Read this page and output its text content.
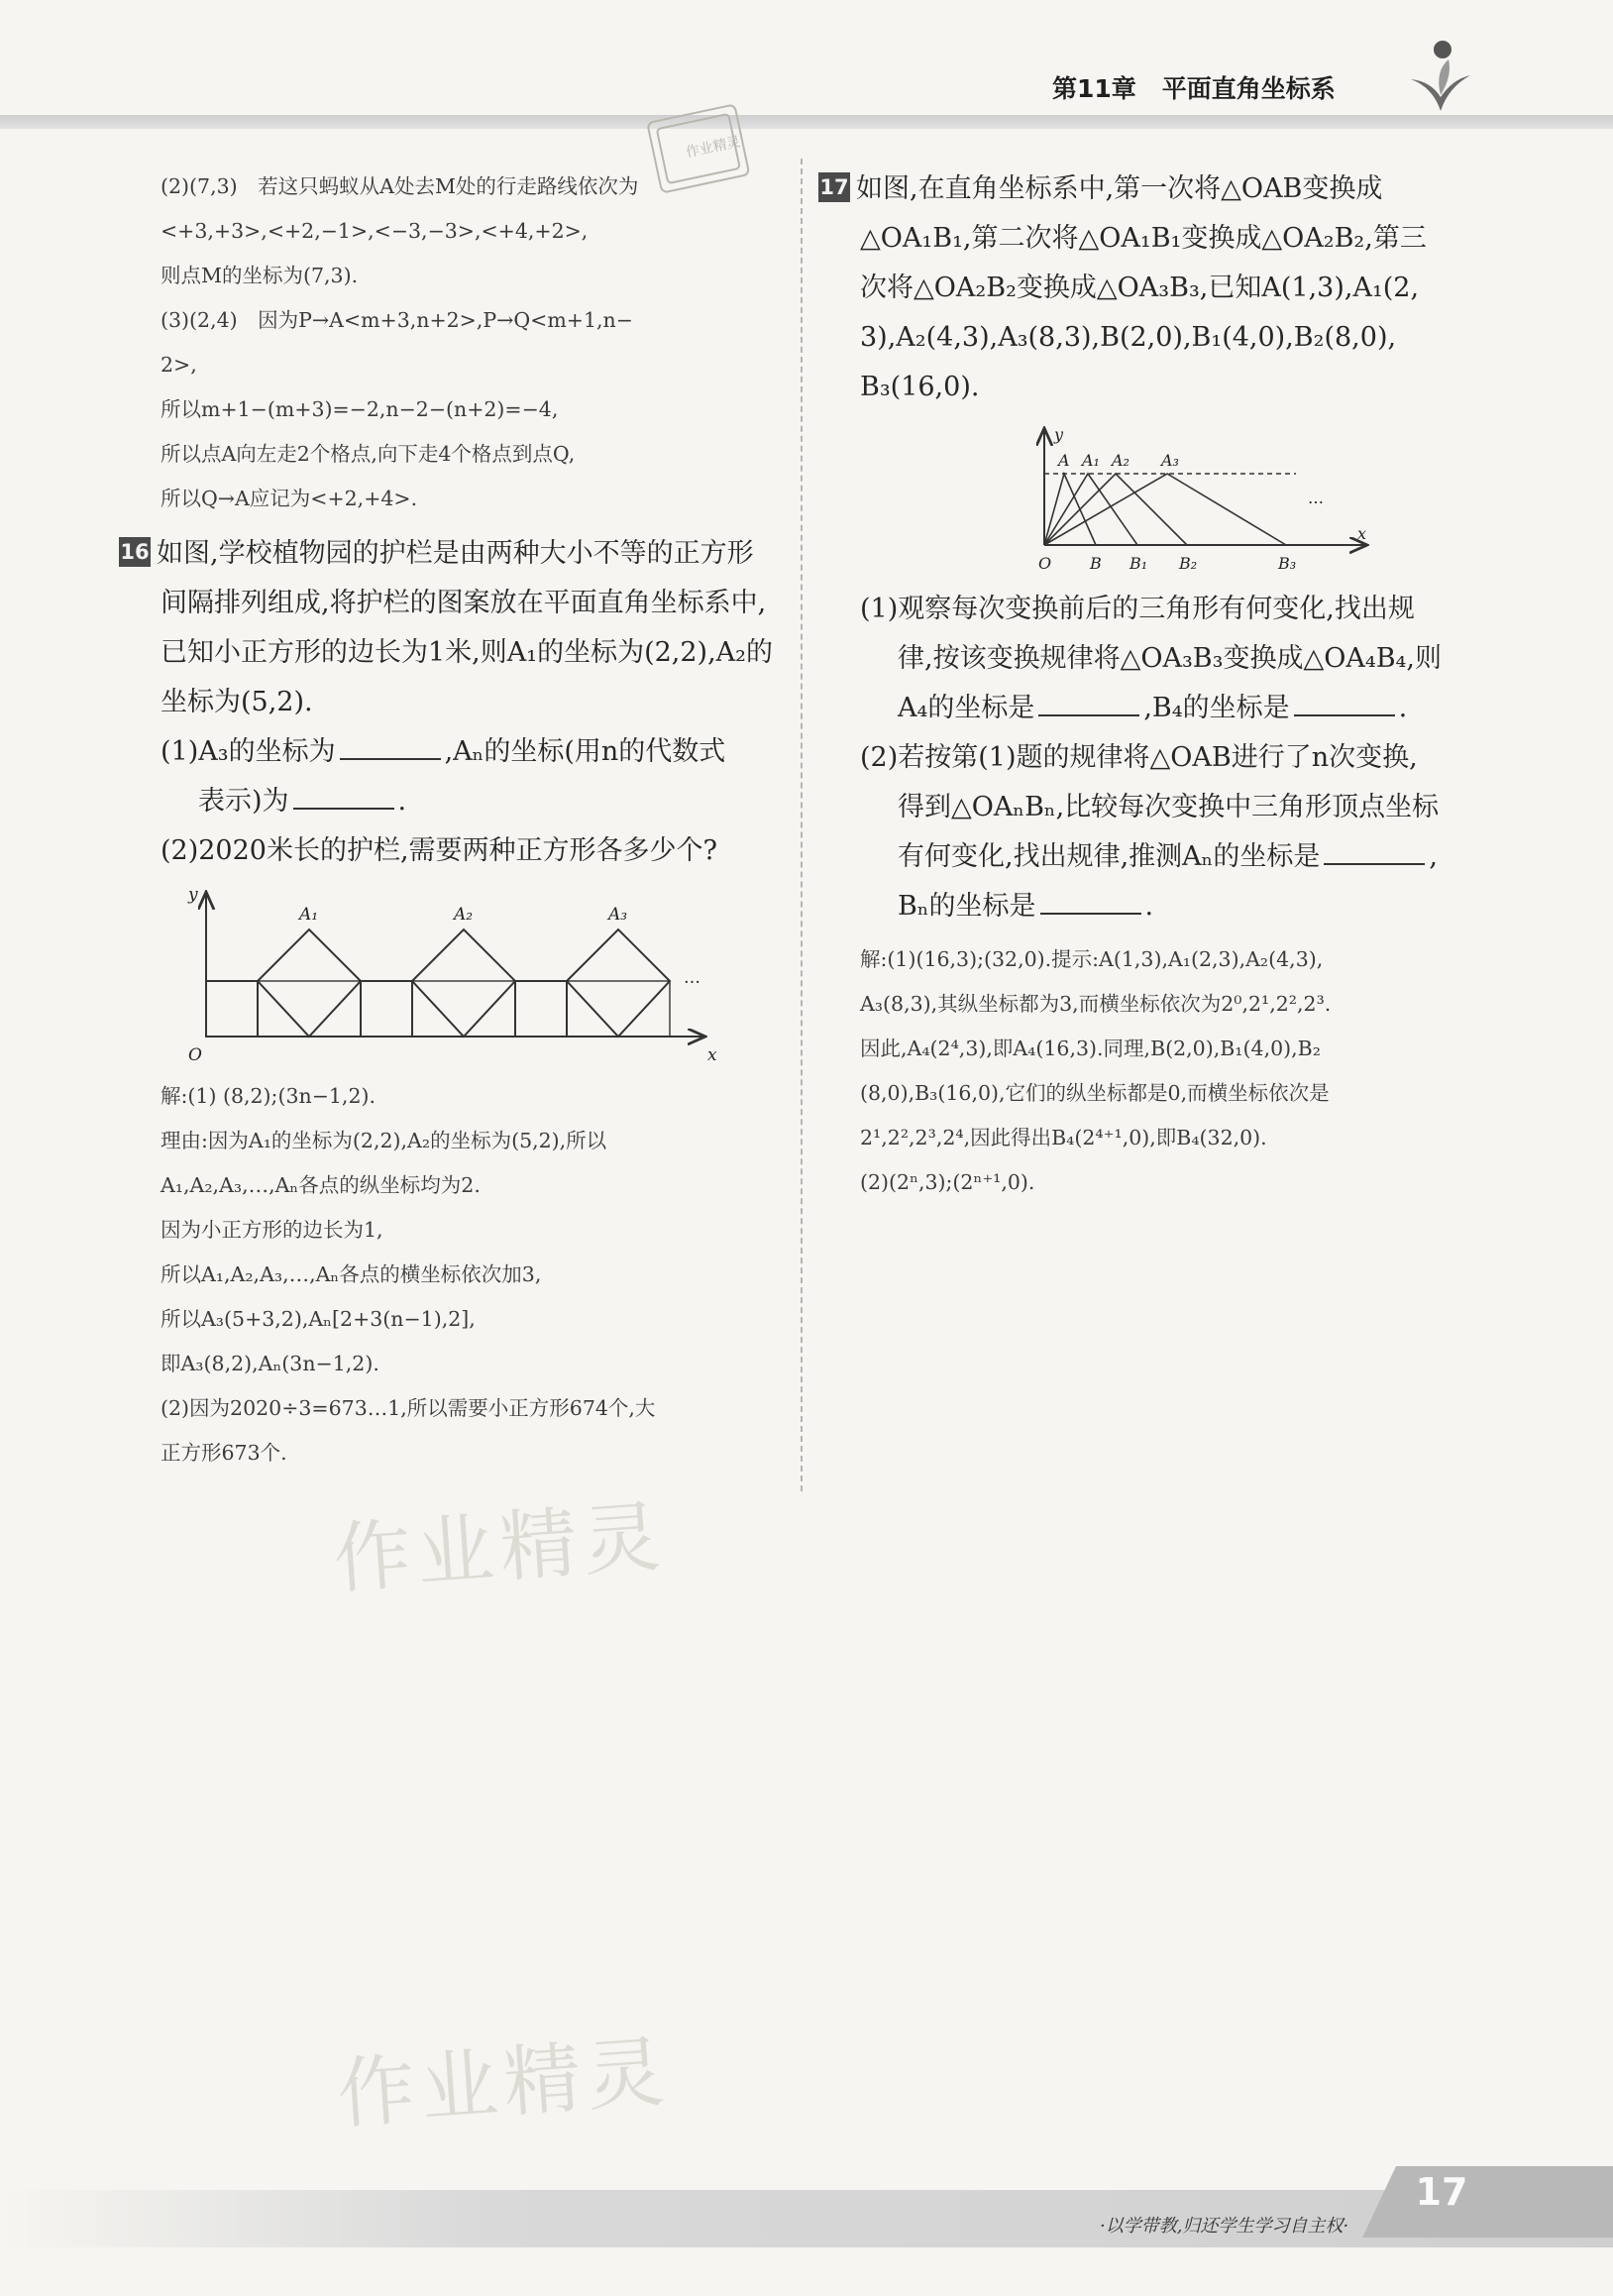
第11章 平面直角坐标系
作业精灵

(2)(7,3)　若这只蚂蚁从A处去M处的行走路线依次为

<+3,+3>,<+2,−1>,<−3,−3>,<+4,+2>,

则点M的坐标为(7,3).

(3)(2,4)　因为P→A<m+3,n+2>,P→Q<m+1,n−

2>,

所以m+1−(m+3)=−2,n−2−(n+2)=−4,

所以点A向左走2个格点,向下走4个格点到点Q,

所以Q→A应记为<+2,+4>.

16 如图,学校植物园的护栏是由两种大小不等的正方形间隔排列组成,将护栏的图案放在平面直角坐标系中,已知小正方形的边长为1米,则A₁的坐标为(2,2),A₂的坐标为(5,2).

(1)A₃的坐标为	,Aₙ的坐标(用n的代数式
表示)为	.

(2)2020米长的护栏,需要两种正方形各多少个?

y
x
O
A₁	A₂	A₃
…

解:(1) (8,2);(3n−1,2).

理由:因为A₁的坐标为(2,2),A₂的坐标为(5,2),所以

A₁,A₂,A₃,…,Aₙ各点的纵坐标均为2.

因为小正方形的边长为1,

所以A₁,A₂,A₃,…,Aₙ各点的横坐标依次加3,

所以A₃(5+3,2),Aₙ[2+3(n−1),2],

即A₃(8,2),Aₙ(3n−1,2).

(2)因为2020÷3=673…1,所以需要小正方形674个,大

正方形673个.

17 如图,在直角坐标系中,第一次将△OAB变换成

△OA₁B₁,第二次将△OA₁B₁变换成△OA₂B₂,第三

次将△OA₂B₂变换成△OA₃B₃,已知A(1,3),A₁(2,

3),A₂(4,3),A₃(8,3),B(2,0),B₁(4,0),B₂(8,0),

B₃(16,0).

y
x
O
A A₁ A₂ A₃
B B₁ B₂	B₃
…

(1)观察每次变换前后的三角形有何变化,找出规

律,按该变换规律将△OA₃B₃变换成△OA₄B₄,则

A₄的坐标是	,B₄的坐标是	.

(2)若按第(1)题的规律将△OAB进行了n次变换,

得到△OAₙBₙ,比较每次变换中三角形顶点坐标

有何变化,找出规律,推测Aₙ的坐标是	,

Bₙ的坐标是	.

解:(1)(16,3);(32,0).提示:A(1,3),A₁(2,3),A₂(4,3),

A₃(8,3),其纵坐标都为3,而横坐标依次为2⁰,2¹,2²,2³.

因此,A₄(2⁴,3),即A₄(16,3).同理,B(2,0),B₁(4,0),B₂

(8,0),B₃(16,0),它们的纵坐标都是0,而横坐标依次是

2¹,2²,2³,2⁴,因此得出B₄(2⁴⁺¹,0),即B₄(32,0).

(2)(2ⁿ,3);(2ⁿ⁺¹,0).

作业精灵
作业精灵
·以学带教,归还学生学习自主权·
17
